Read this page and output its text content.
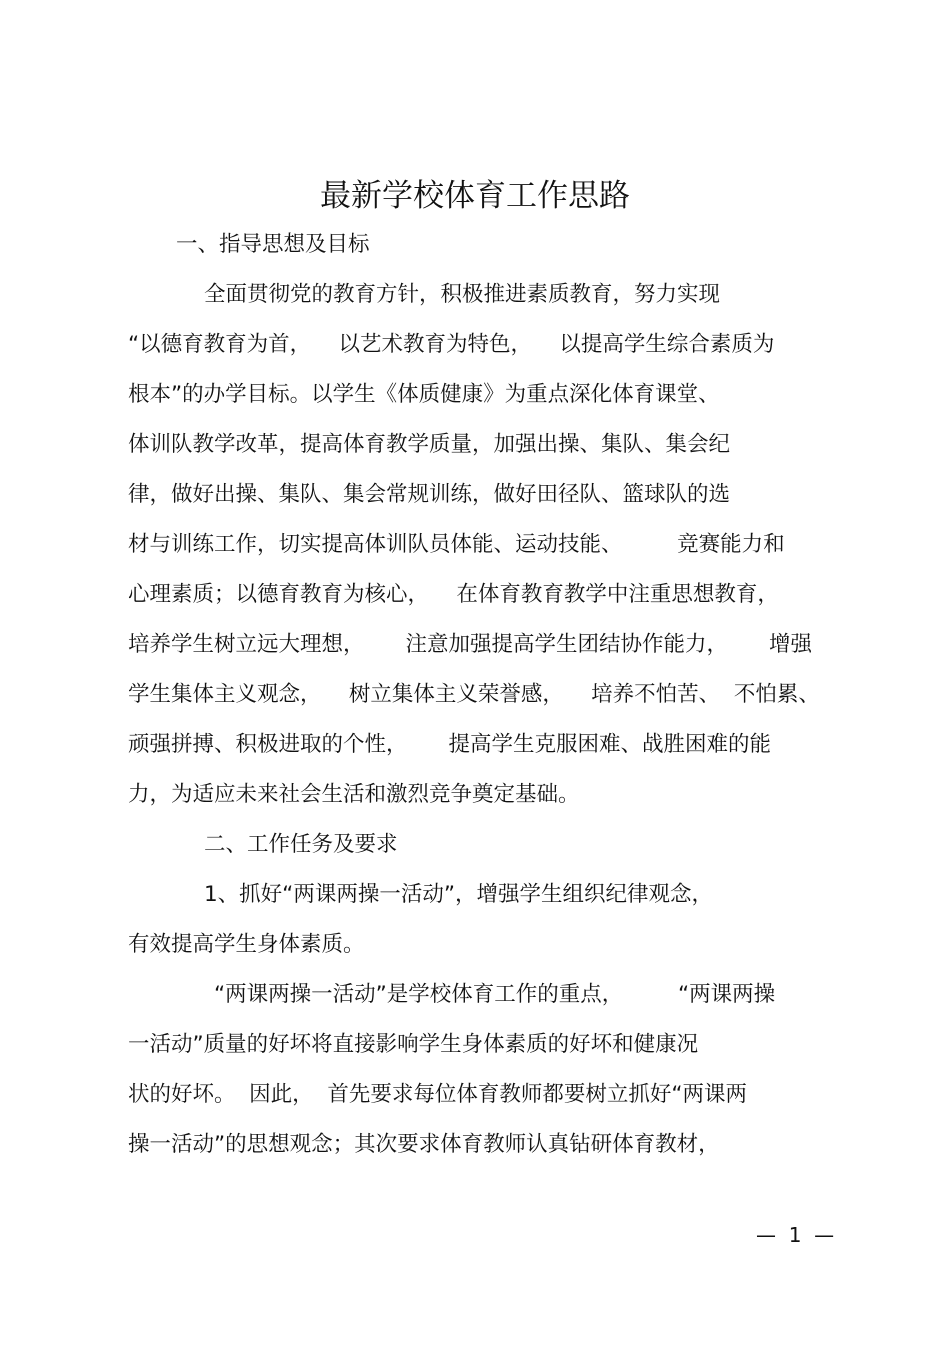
最新学校体育工作思路
一、指导思想及目标
全面贯彻党的教育方针，积极推进素质教育，努力实现
“以德育教育为首，    以艺术教育为特色，    以提高学生综合素质为
根本”的办学目标。以学生《体质健康》为重点深化体育课堂、
体训队教学改革，提高体育教学质量，加强出操、集队、集会纪
律，做好出操、集队、集会常规训练，做好田径队、篮球队的选
材与训练工作，切实提高体训队员体能、运动技能、        竞赛能力和
心理素质；以德育教育为核心，    在体育教育教学中注重思想教育，
培养学生树立远大理想，      注意加强提高学生团结协作能力，      增强
学生集体主义观念，    树立集体主义荣誉感，    培养不怕苦、  不怕累、
顽强拼搏、积极进取的个性，      提高学生克服困难、战胜困难的能
力，为适应未来社会生活和激烈竞争奠定基础。
二、工作任务及要求
1、抓好“两课两操一活动”，增强学生组织纪律观念，
有效提高学生身体素质。
“两课两操一活动”是学校体育工作的重点，        “两课两操
一活动”质量的好坏将直接影响学生身体素质的好坏和健康况
状的好坏。  因此，  首先要求每位体育教师都要树立抓好“两课两
操一活动”的思想观念；其次要求体育教师认真钻研体育教材，
—  1  —
